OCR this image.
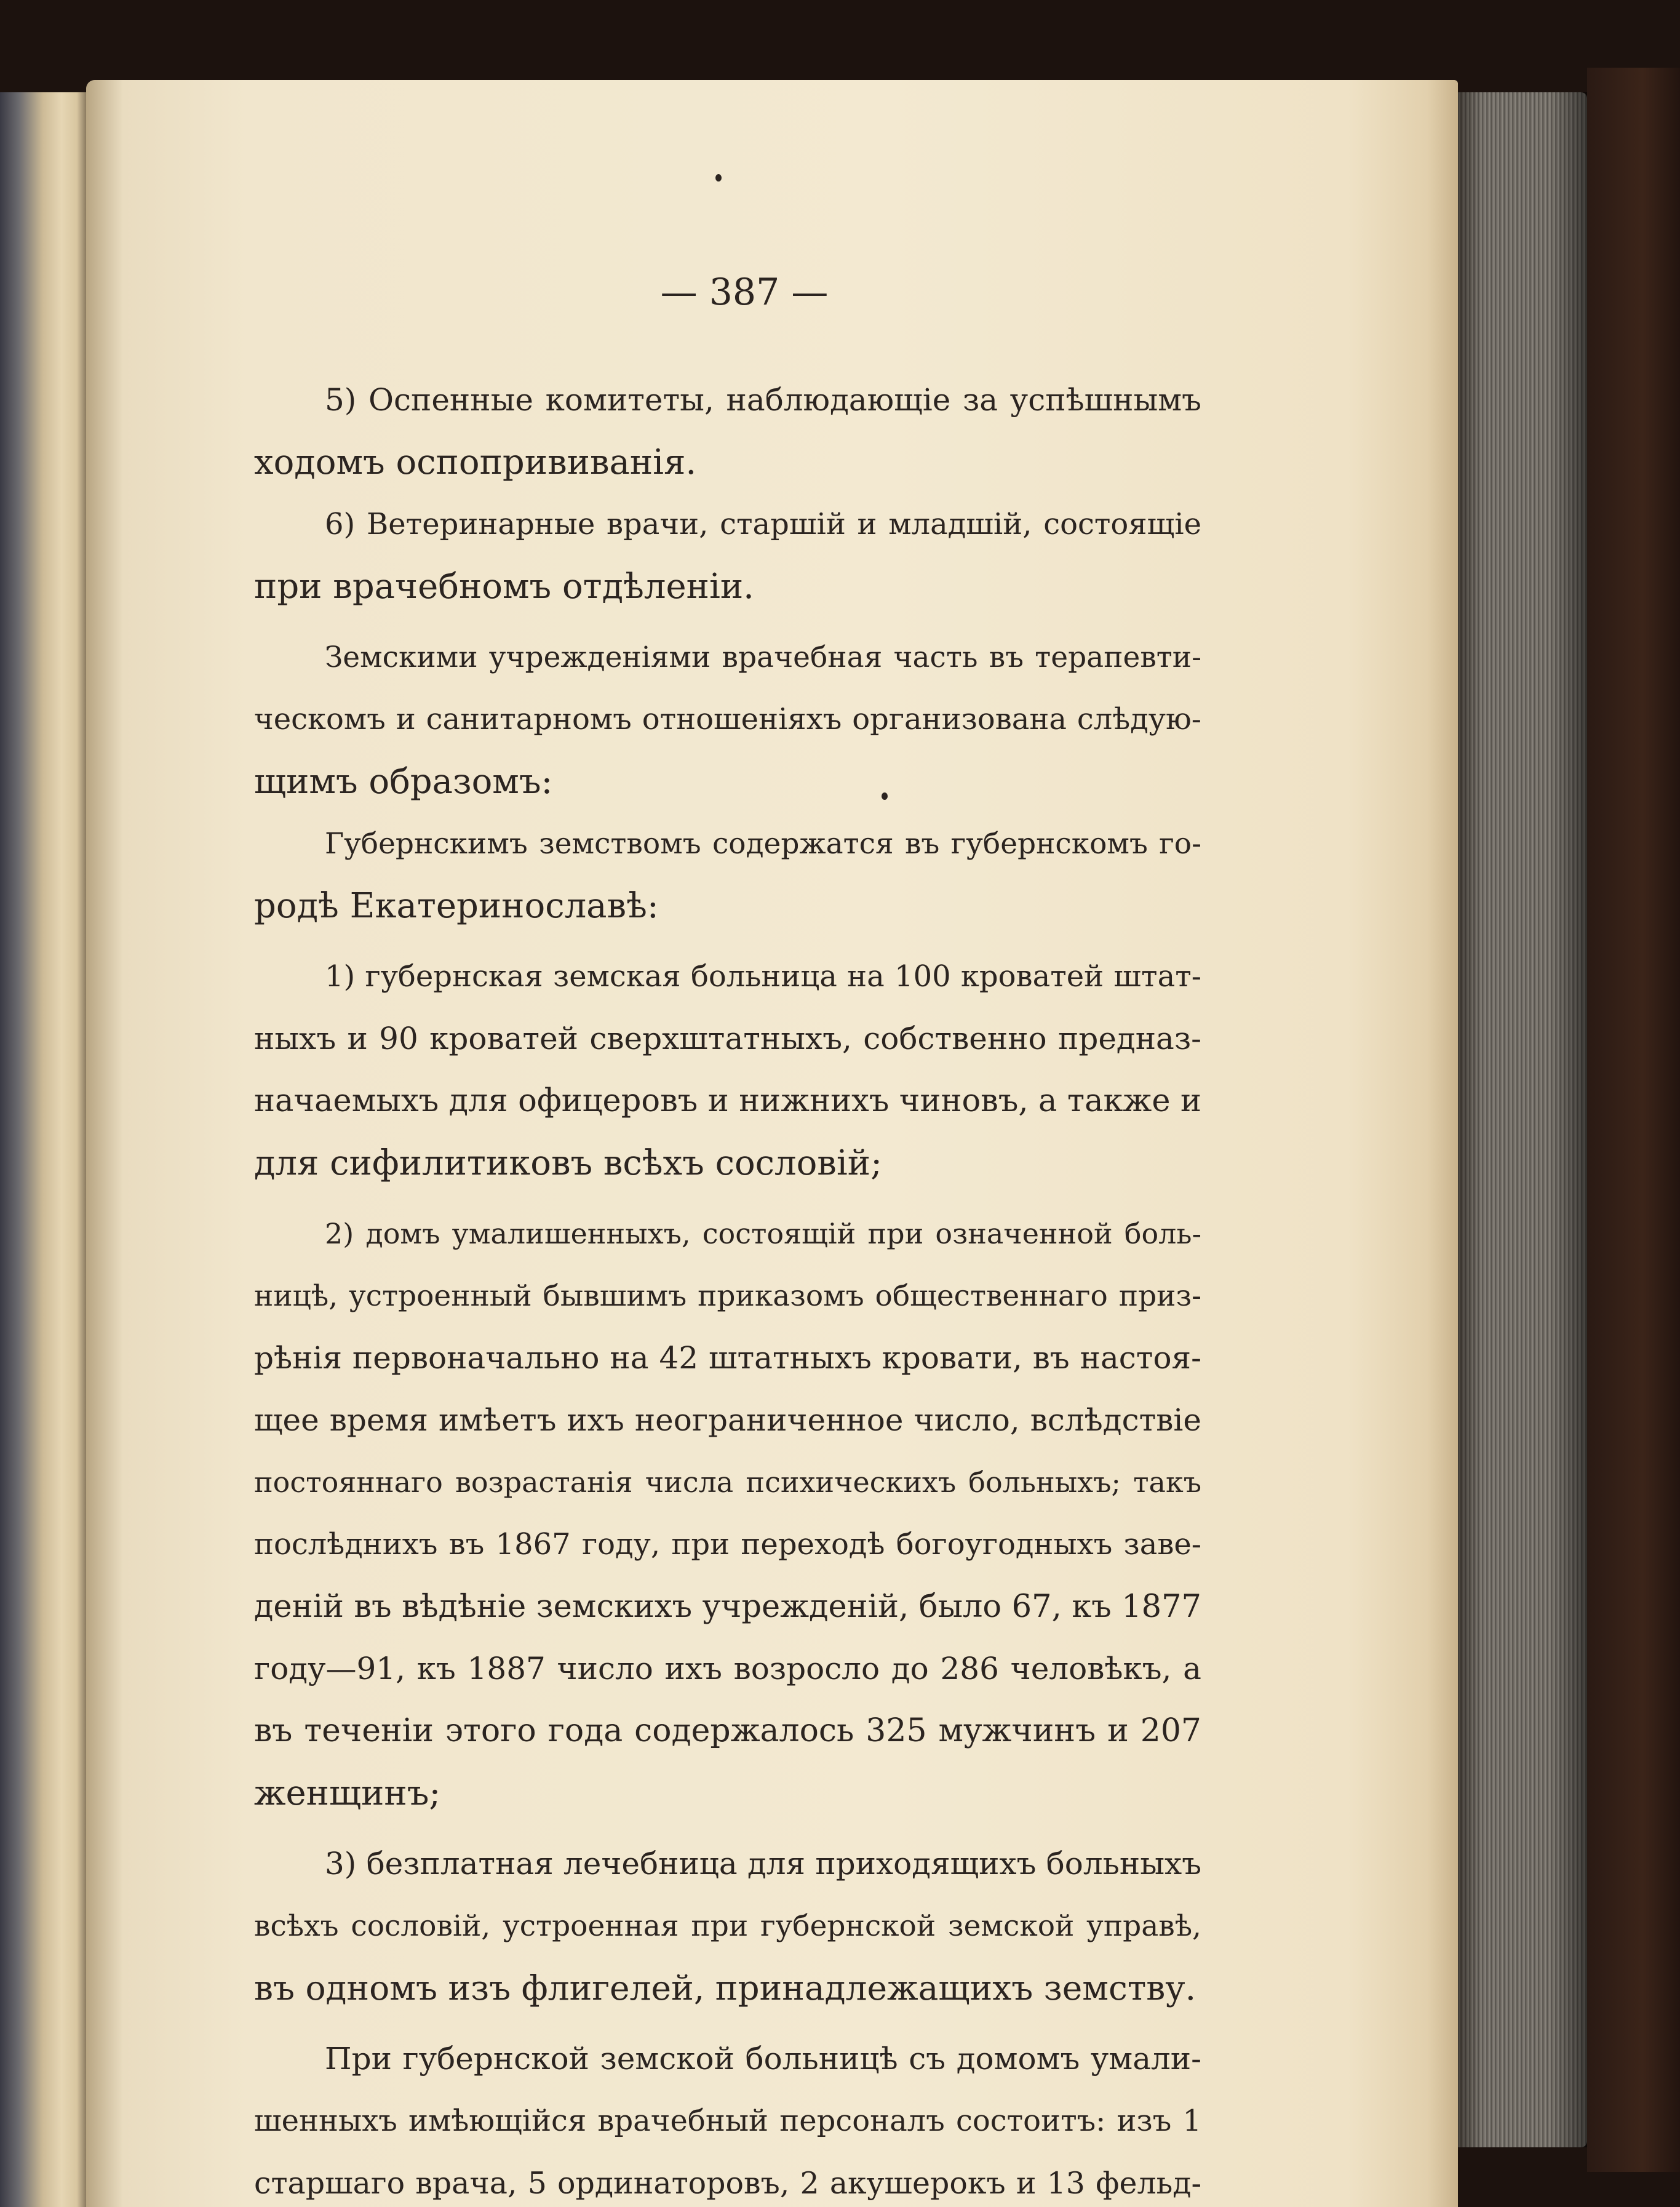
— 387 —
5) Оспенные комитеты, наблюдающіе за успѣшнымъ
ходомъ оспопрививанія.
6) Ветеринарные врачи, старшій и младшій, состоящіе
при врачебномъ отдѣленіи.
Земскими учрежденіями врачебная часть въ терапевти-
ческомъ и санитарномъ отношеніяхъ организована слѣдую-
щимъ образомъ:
Губернскимъ земствомъ содержатся въ губернскомъ го-
родѣ Екатеринославѣ:
1) губернская земская больница на 100 кроватей штат-
ныхъ и 90 кроватей сверхштатныхъ, собственно предназ-
начаемыхъ для офицеровъ и нижнихъ чиновъ, а также и
для сифилитиковъ всѣхъ сословій;
2) домъ умалишенныхъ, состоящій при означенной боль-
ницѣ, устроенный бывшимъ приказомъ общественнаго приз-
рѣнія первоначально на 42 штатныхъ кровати, въ настоя-
щее время имѣетъ ихъ неограниченное число, вслѣдствіе
постояннаго возрастанія числа психическихъ больныхъ; такъ
послѣднихъ въ 1867 году, при переходѣ богоугодныхъ заве-
деній въ вѣдѣніе земскихъ учрежденій, было 67, къ 1877
году—91, къ 1887 число ихъ возросло до 286 человѣкъ, а
въ теченіи этого года содержалось 325 мужчинъ и 207
женщинъ;
3) безплатная лечебница для приходящихъ больныхъ
всѣхъ сословій, устроенная при губернской земской управѣ,
въ одномъ изъ флигелей, принадлежащихъ земству.
При губернской земской больницѣ съ домомъ умали-
шенныхъ имѣющійся врачебный персоналъ состоитъ: изъ 1
старшаго врача, 5 ординаторовъ, 2 акушерокъ и 13 фельд-
